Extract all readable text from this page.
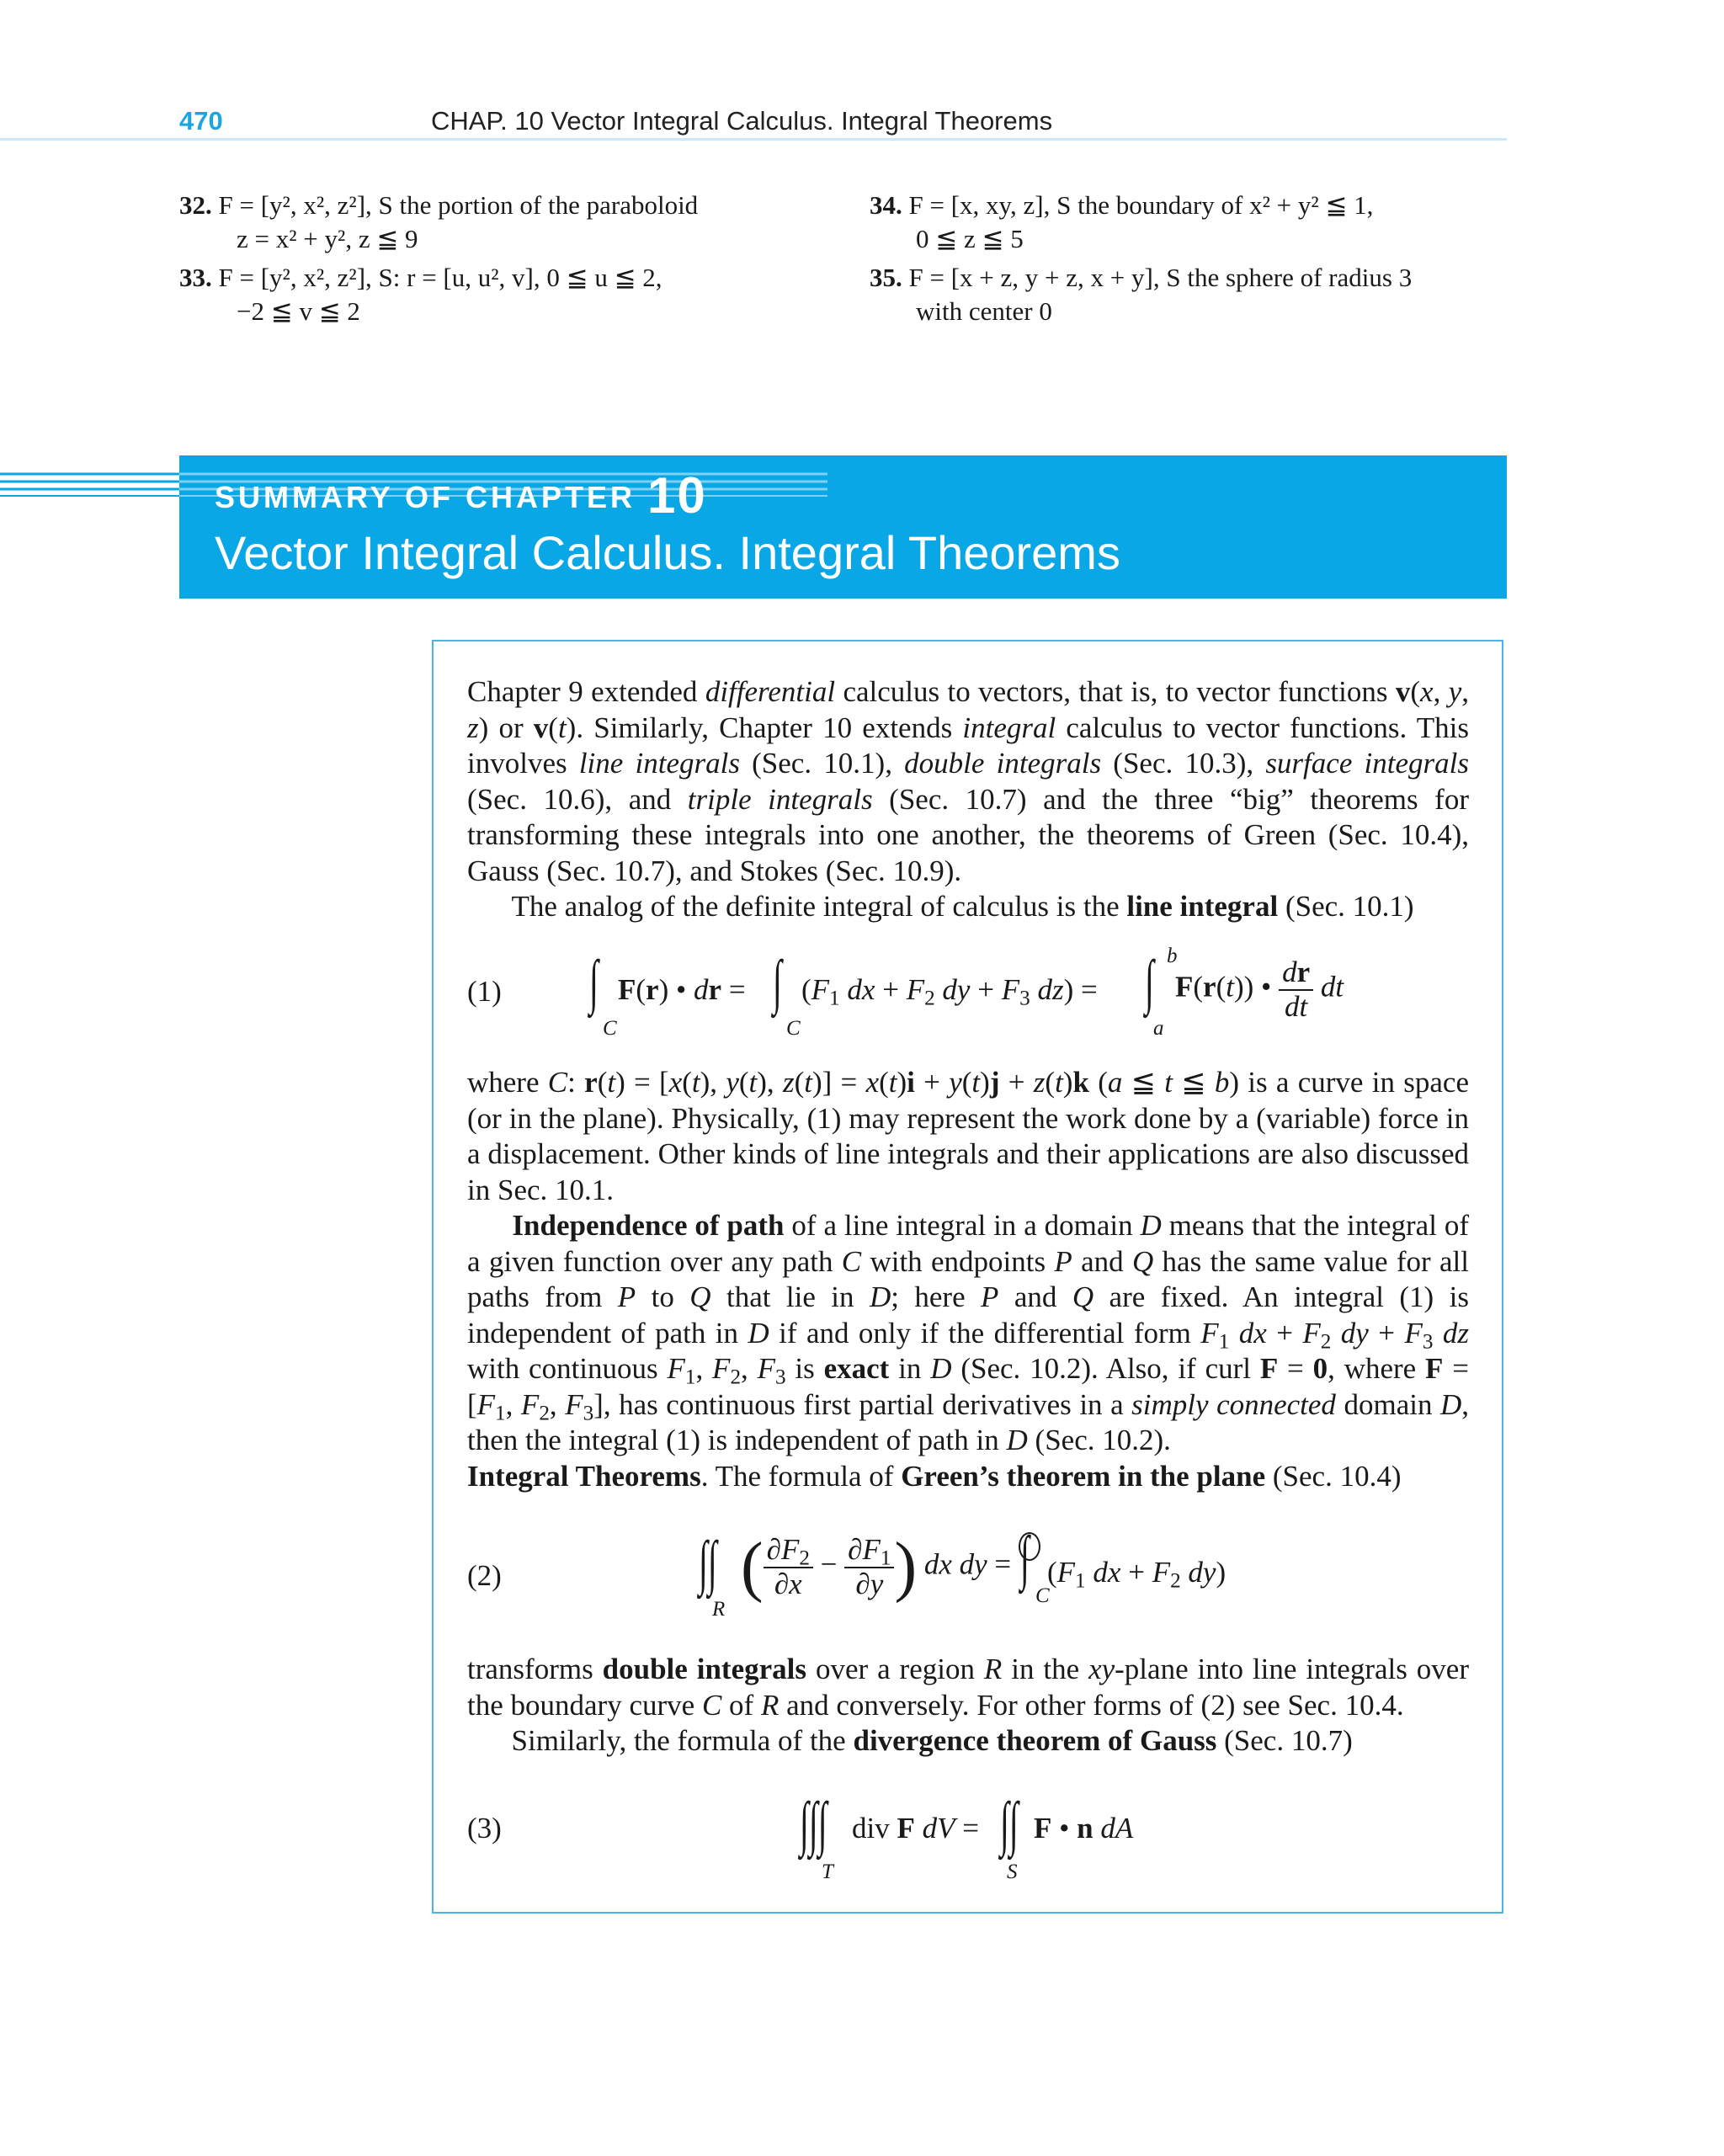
470	CHAP. 10 Vector Integral Calculus. Integral Theorems
32. F = [y², x², z²], S the portion of the paraboloid
z = x² + y², z ≦ 9
33. F = [y², x², z²], S: r = [u, u², v], 0 ≦ u ≦ 2,
−2 ≦ v ≦ 2
34. F = [x, xy, z], S the boundary of x² + y² ≦ 1,
0 ≦ z ≦ 5
35. F = [x + z, y + z, x + y], S the sphere of radius 3
with center 0
SUMMARY OF CHAPTER 10
Vector Integral Calculus. Integral Theorems
Chapter 9 extended differential calculus to vectors, that is, to vector functions v(x, y, z) or v(t). Similarly, Chapter 10 extends integral calculus to vector functions. This involves line integrals (Sec. 10.1), double integrals (Sec. 10.3), surface integrals (Sec. 10.6), and triple integrals (Sec. 10.7) and the three “big” theorems for transforming these integrals into one another, the theorems of Green (Sec. 10.4), Gauss (Sec. 10.7), and Stokes (Sec. 10.9).
The analog of the definite integral of calculus is the line integral (Sec. 10.1)
(1) ∫
C
F(r) • dr = ∫
C
($F_1$ dx + $F_2$ dy + $F_3$ dz) = ∫ b
a
F(r(t)) • $\frac{dr}{dt}$ dt
where C: r(t) = [x(t), y(t), z(t)] = x(t)i + y(t)j + z(t)k (a ≦ t ≦ b) is a curve in space (or in the plane). Physically, (1) may represent the work done by a (variable) force in a displacement. Other kinds of line integrals and their applications are also discussed in Sec. 10.1.
Independence of path of a line integral in a domain D means that the integral of a given function over any path C with endpoints P and Q has the same value for all paths from P to Q that lie in D; here P and Q are fixed. An integral (1) is independent of path in D if and only if the differential form $F_1$ dx + $F_2$ dy + $F_3$ dz with continuous $F_1$, $F_2$, $F_3$ is exact in D (Sec. 10.2). Also, if curl F = 0, where $F = [F_1$, $F_2$, $F_3$], has continuous first partial derivatives in a simply connected domain D, then the integral (1) is independent of path in D (Sec. 10.2).
Integral Theorems. The formula of Green’s theorem in the plane (Sec. 10.4)
(2)	∫∫
R
( $\frac{\partial F_2}{\partial x} - \frac{\partial F_1}{\partial y}$ ) dx dy = ∫
C
($F_1$ dx + $F_2$ dy)
transforms double integrals over a region R in the xy-plane into line integrals over the boundary curve C of R and conversely. For other forms of (2) see Sec. 10.4.
Similarly, the formula of the divergence theorem of Gauss (Sec. 10.7)
(3)	∫∫∫
T
div F dV = ∫∫
S
F • n dA
